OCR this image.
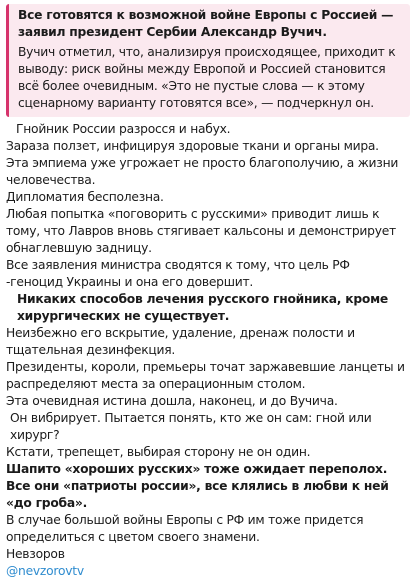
Все готовятся к возможной войне Европы с Россией — заявил президент Сербии Александр Вучич.
Вучич отметил, что, анализируя происходящее, приходит к выводу: риск войны между Европой и Россией становится всё более очевидным. «Это не пустые слова — к этому сценарному варианту готовятся все», — подчеркнул он.

Гнойник России разросся и набух.

Зараза ползет, инфицируя здоровые ткани и органы мира.

Эта эмпиема уже угрожает не просто благополучию, а жизни человечества.

Дипломатия бесполезна.

Любая попытка «поговорить с русскими» приводит лишь к тому, что Лавров вновь стягивает кальсоны и демонстрирует обнаглевшую задницу.

Все заявления министра сводятся к тому, что цель РФ -геноцид Украины и она его довершит.

Никаких способов лечения русского гнойника, кроме хирургических не существует.

Неизбежно его вскрытие, удаление, дренаж полости и тщательная дезинфекция.

Президенты, короли, премьеры точат заржавевшие ланцеты и распределяют места за операционным столом.

Эта очевидная истина дошла, наконец, и до Вучича.

Он вибрирует. Пытается понять, кто же он сам: гной или хирург?

Кстати, трепещет, выбирая сторону не он один.

Шапито «хороших русских» тоже ожидает переполох. Все они «патриоты россии», все клялись в любви к ней «до гроба».

В случае большой войны Европы с РФ им тоже придется определиться с цветом своего знамени.

Невзоров

@nevzorovtv
